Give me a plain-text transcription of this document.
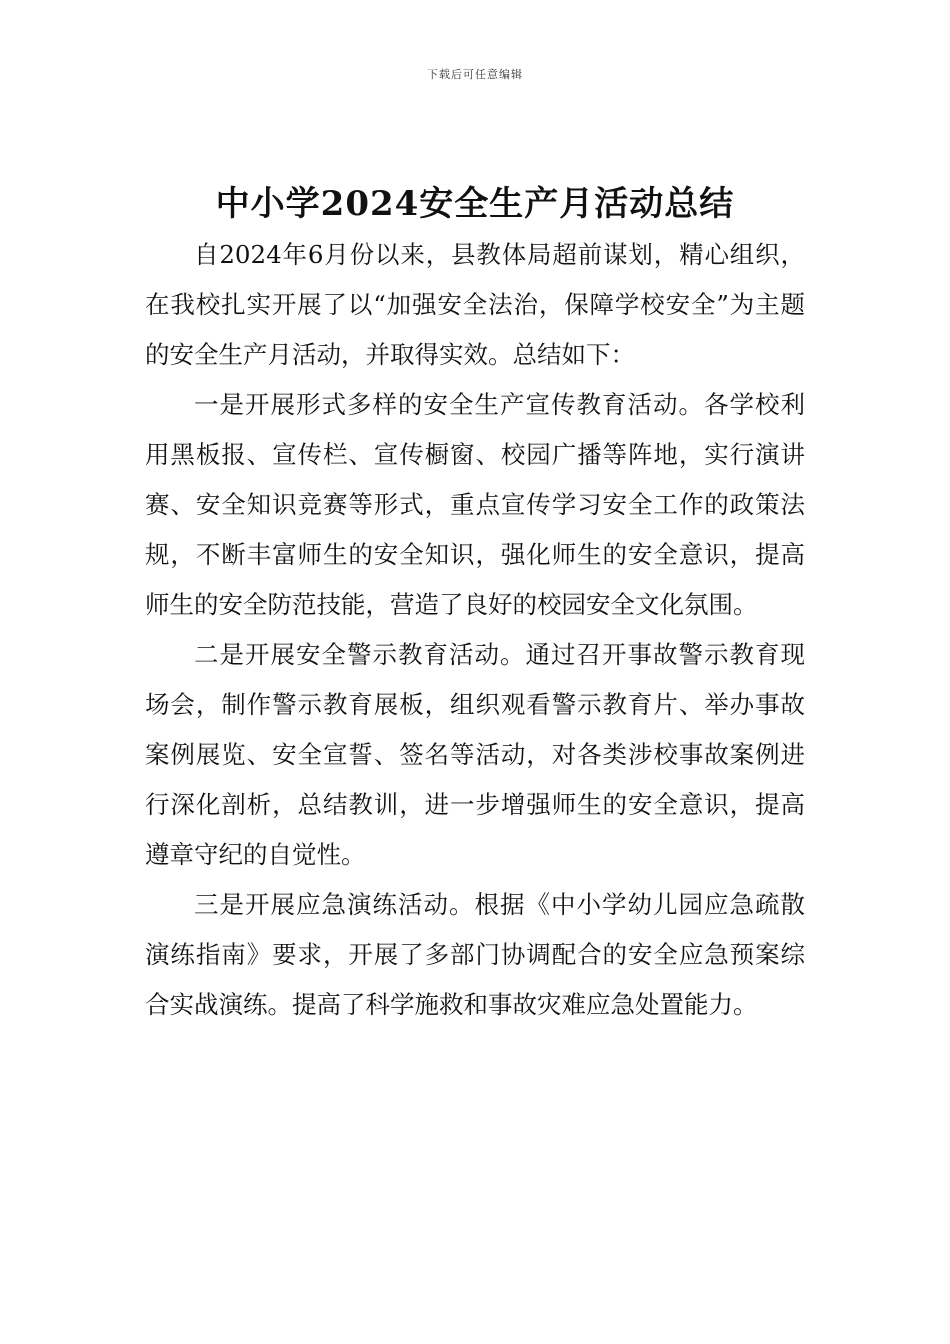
下载后可任意编辑
中小学2024安全生产月活动总结

自2024年6月份以来，县教体局超前谋划，精心组织，在我校扎实开展了以“加强安全法治，保障学校安全”为主题的安全生产月活动，并取得实效。总结如下：

一是开展形式多样的安全生产宣传教育活动。各学校利用黑板报、宣传栏、宣传橱窗、校园广播等阵地，实行演讲赛、安全知识竞赛等形式，重点宣传学习安全工作的政策法规，不断丰富师生的安全知识，强化师生的安全意识，提高师生的安全防范技能，营造了良好的校园安全文化氛围。

二是开展安全警示教育活动。通过召开事故警示教育现场会，制作警示教育展板，组织观看警示教育片、举办事故案例展览、安全宣誓、签名等活动，对各类涉校事故案例进行深化剖析，总结教训，进一步增强师生的安全意识，提高遵章守纪的自觉性。

三是开展应急演练活动。根据《中小学幼儿园应急疏散演练指南》要求，开展了多部门协调配合的安全应急预案综合实战演练。提高了科学施救和事故灾难应急处置能力。
